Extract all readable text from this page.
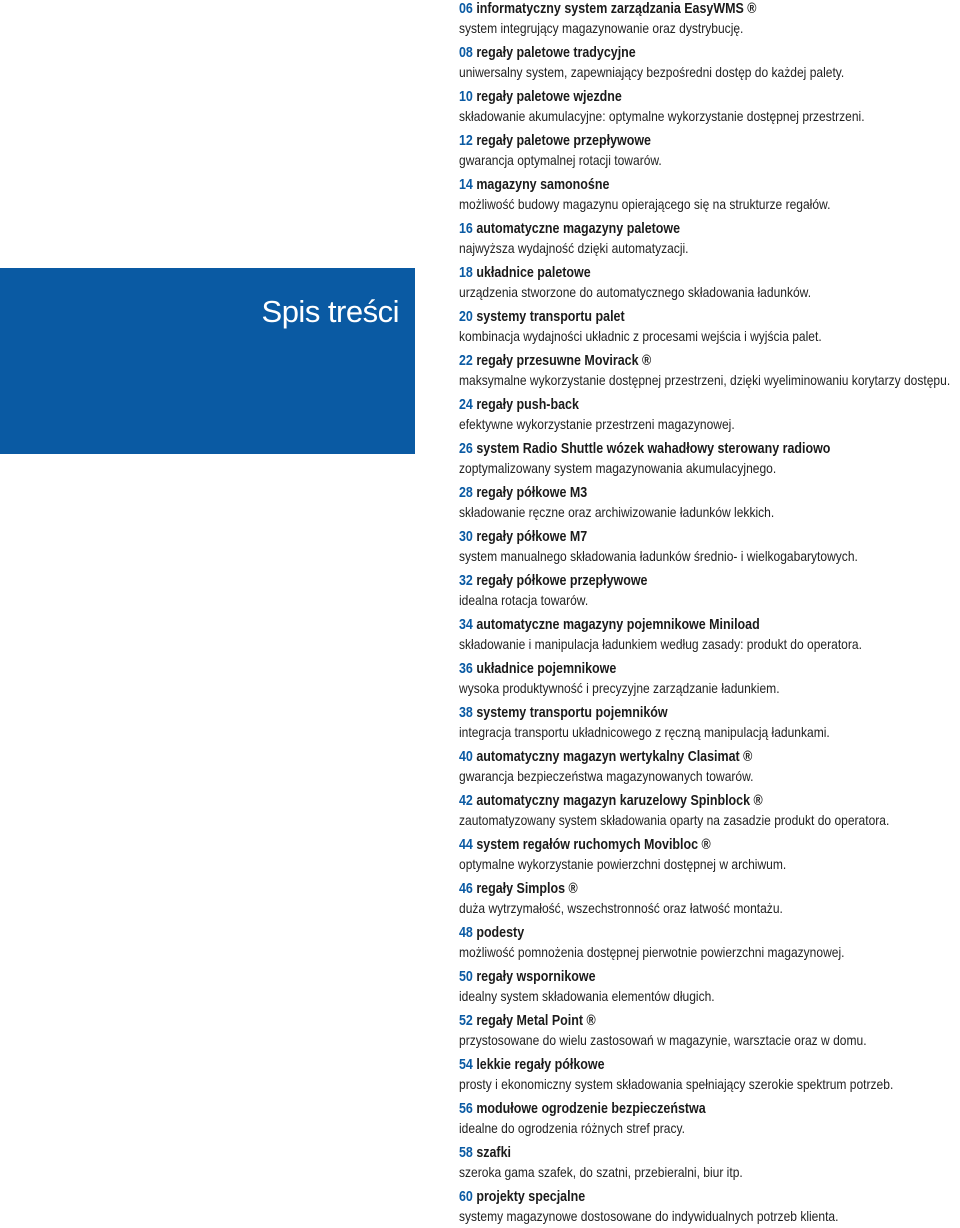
Spis treści
06 informatyczny system zarządzania EasyWMS ®
system integrujący magazynowanie oraz dystrybucję.
08 regały paletowe tradycyjne
uniwersalny system, zapewniający bezpośredni dostęp do każdej palety.
10 regały paletowe wjezdne
składowanie akumulacyjne: optymalne wykorzystanie dostępnej przestrzeni.
12 regały paletowe przepływowe
gwarancja optymalnej rotacji towarów.
14 magazyny samonośne
możliwość budowy magazynu opierającego się na strukturze regałów.
16 automatyczne magazyny paletowe
najwyższa wydajność dzięki automatyzacji.
18 układnice paletowe
urządzenia stworzone do automatycznego składowania ładunków.
20 systemy transportu palet
kombinacja wydajności układnic z procesami wejścia i wyjścia palet.
22 regały przesuwne Movirack ®
maksymalne wykorzystanie dostępnej przestrzeni, dzięki wyeliminowaniu korytarzy dostępu.
24 regały push-back
efektywne wykorzystanie przestrzeni magazynowej.
26 system Radio Shuttle wózek wahadłowy sterowany radiowo
zoptymalizowany system magazynowania akumulacyjnego.
28 regały półkowe M3
składowanie ręczne oraz archiwizowanie ładunków lekkich.
30 regały półkowe M7
system manualnego składowania ładunków średnio- i wielkogabarytowych.
32 regały półkowe przepływowe
idealna rotacja towarów.
34 automatyczne magazyny pojemnikowe Miniload
składowanie i manipulacja ładunkiem według zasady: produkt do operatora.
36 układnice pojemnikowe
wysoka produktywność i precyzyjne zarządzanie ładunkiem.
38 systemy transportu pojemników
integracja transportu układnicowego z ręczną manipulacją ładunkami.
40 automatyczny magazyn wertykalny Clasimat ®
gwarancja bezpieczeństwa magazynowanych towarów.
42 automatyczny magazyn karuzelowy Spinblock ®
zautomatyzowany system składowania oparty na zasadzie produkt do operatora.
44 system regałów ruchomych Movibloc ®
optymalne wykorzystanie powierzchni dostępnej w archiwum.
46 regały Simplos ®
duża wytrzymałość, wszechstronność oraz łatwość montażu.
48 podesty
możliwość pomnożenia dostępnej pierwotnie powierzchni magazynowej.
50 regały wspornikowe
idealny system składowania elementów długich.
52 regały Metal Point ®
przystosowane do wielu zastosowań w magazynie, warsztacie oraz w domu.
54 lekkie regały półkowe
prosty i ekonomiczny system składowania spełniający szerokie spektrum potrzeb.
56 modułowe ogrodzenie bezpieczeństwa
idealne do ogrodzenia różnych stref pracy.
58 szafki
szeroka gama szafek, do szatni, przebieralni, biur itp.
60 projekty specjalne
systemy magazynowe dostosowane do indywidualnych potrzeb klienta.
